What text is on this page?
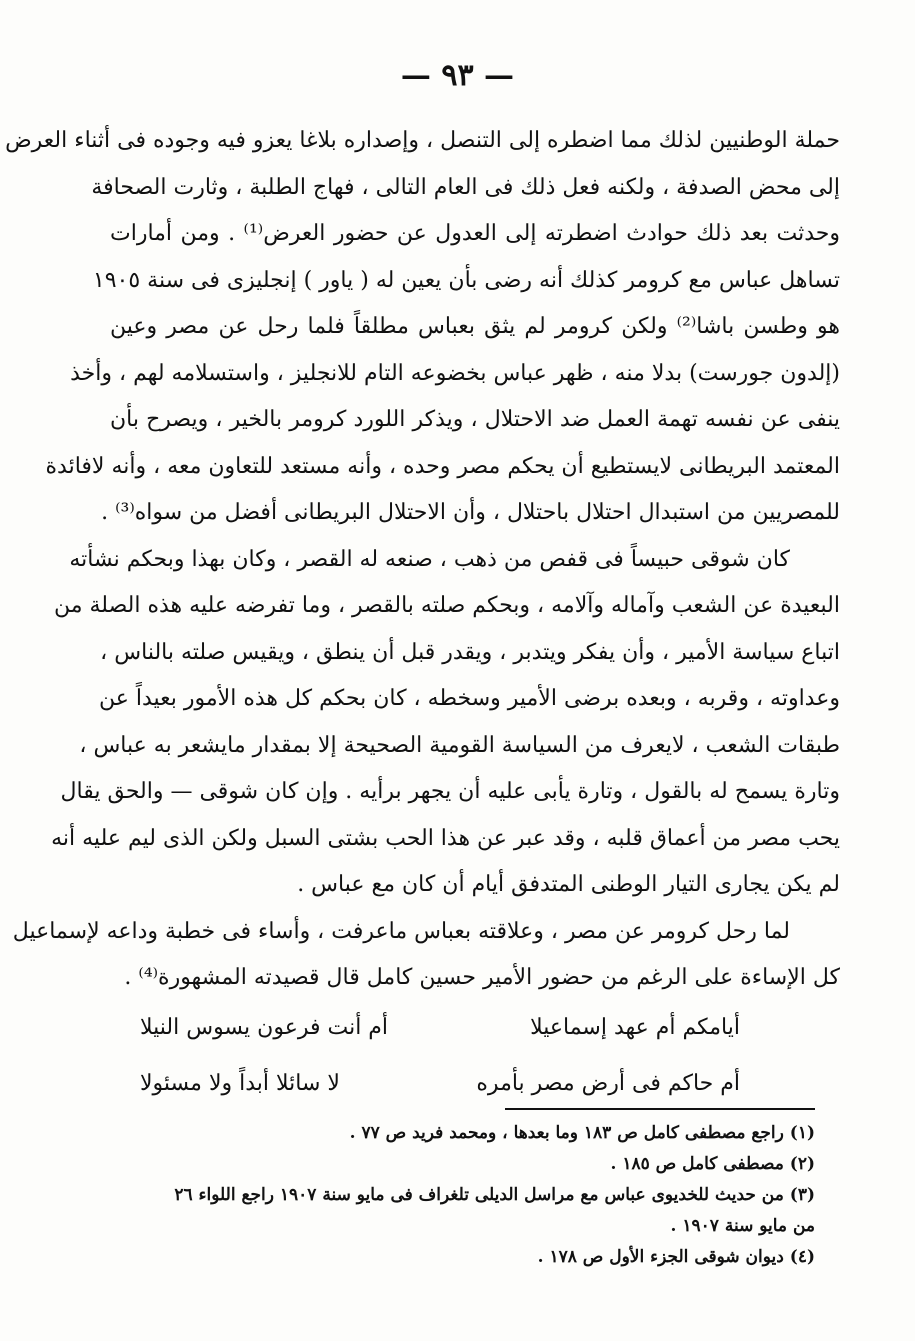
— ٩٣ —
حملة الوطنيين لذلك مما اضطره إلى التنصل ، وإصداره بلاغا يعزو فيه وجوده فى أثناء العرض
إلى محض الصدفة ، ولكنه فعل ذلك فى العام التالى ، فهاج الطلبة ، وثارت الصحافة
وحدثت بعد ذلك حوادث اضطرته إلى العدول عن حضور العرض⁽¹⁾ . ومن أمارات
تساهل عباس مع كرومر كذلك أنه رضى بأن يعين له ( ياور ) إنجليزى فى سنة ١٩٠٥
هو وطسن باشا⁽²⁾ ولكن كرومر لم يثق بعباس مطلقاً فلما رحل عن مصر وعين
(إلدون جورست) بدلا منه ، ظهر عباس بخضوعه التام للانجليز ، واستسلامه لهم ، وأخذ
ينفى عن نفسه تهمة العمل ضد الاحتلال ، ويذكر اللورد كرومر بالخير ، ويصرح بأن
المعتمد البريطانى لايستطيع أن يحكم مصر وحده ، وأنه مستعد للتعاون معه ، وأنه لافائدة
للمصريين من استبدال احتلال باحتلال ، وأن الاحتلال البريطانى أفضل من سواه⁽³⁾ .
كان شوقى حبيساً فى قفص من ذهب ، صنعه له القصر ، وكان بهذا وبحكم نشأته
البعيدة عن الشعب وآماله وآلامه ، وبحكم صلته بالقصر ، وما تفرضه عليه هذه الصلة من
اتباع سياسة الأمير ، وأن يفكر ويتدبر ، ويقدر قبل أن ينطق ، ويقيس صلته بالناس ،
وعداوته ، وقربه ، وبعده برضى الأمير وسخطه ، كان بحكم كل هذه الأمور بعيداً عن
طبقات الشعب ، لايعرف من السياسة القومية الصحيحة إلا بمقدار مايشعر به عباس ،
وتارة يسمح له بالقول ، وتارة يأبى عليه أن يجهر برأيه . وإن كان شوقى — والحق يقال
يحب مصر من أعماق قلبه ، وقد عبر عن هذا الحب بشتى السبل ولكن الذى ليم عليه أنه
لم يكن يجارى التيار الوطنى المتدفق أيام أن كان مع عباس .
لما رحل كرومر عن مصر ، وعلاقته بعباس ماعرفت ، وأساء فى خطبة وداعه لإسماعيل
كل الإساءة على الرغم من حضور الأمير حسين كامل قال قصيدته المشهورة⁽⁴⁾ .
أيامكم أم عهد إسماعيلا
أم أنت فرعون يسوس النيلا
أم حاكم فى أرض مصر بأمره
لا سائلا أبداً ولا مسئولا
(١) راجع مصطفى كامل ص ١٨٣ وما بعدها ، ومحمد فريد ص ٧٧ .
(٢) مصطفى كامل ص ١٨٥ .
(٣) من حديث للخديوى عباس مع مراسل الديلى تلغراف فى مايو سنة ١٩٠٧ راجع اللواء ٢٦
من مايو سنة ١٩٠٧ .
(٤) ديوان شوقى الجزء الأول ص ١٧٨ .
